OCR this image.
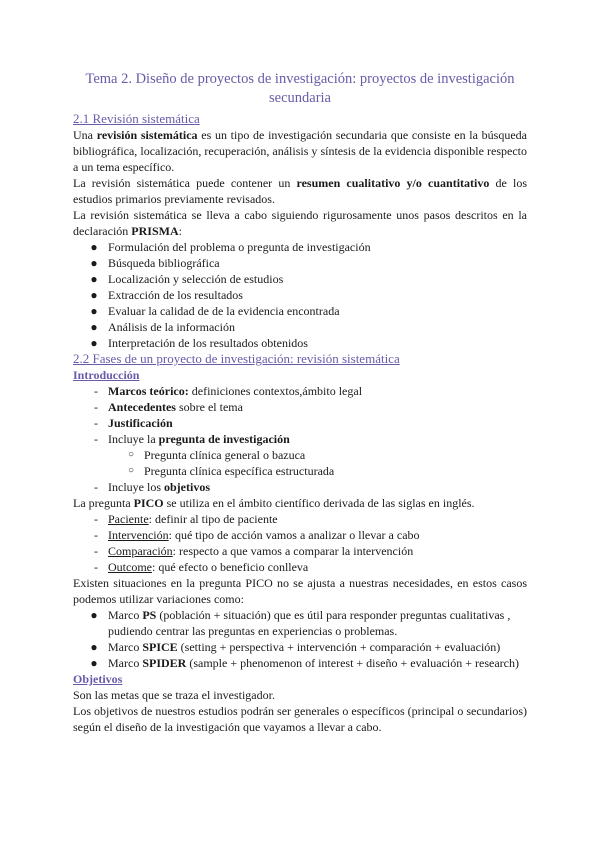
Tema 2. Diseño de proyectos de investigación: proyectos de investigación secundaria
2.1 Revisión sistemática

Una revisión sistemática es un tipo de investigación secundaria que consiste en la búsqueda bibliográfica, localización, recuperación, análisis y síntesis de la evidencia disponible respecto a un tema específico.

La revisión sistemática puede contener un resumen cualitativo y/o cuantitativo de los estudios primarios previamente revisados.

La revisión sistemática se lleva a cabo siguiendo rigurosamente unos pasos descritos en la declaración PRISMA:

● Formulación del problema o pregunta de investigación
● Búsqueda bibliográfica
● Localización y selección de estudios
● Extracción de los resultados
● Evaluar la calidad de de la evidencia encontrada
● Análisis de la información
● Interpretación de los resultados obtenidos
2.2 Fases de un proyecto de investigación: revisión sistemática
Introducción
- Marcos teórico: definiciones contextos,ámbito legal
- Antecedentes sobre el tema
- Justificación
- Incluye la pregunta de investigación
○ Pregunta clínica general o bazuca
○ Pregunta clínica específica estructurada
- Incluye los objetivos

La pregunta PICO se utiliza en el ámbito científico derivada de las siglas en inglés.

- Paciente: definir al tipo de paciente
- Intervención: qué tipo de acción vamos a analizar o llevar a cabo
- Comparación: respecto a que vamos a comparar la intervención
- Outcome: qué efecto o beneficio conlleva

Existen situaciones en la pregunta PICO no se ajusta a nuestras necesidades, en estos casos podemos utilizar variaciones como:

● Marco PS (población + situación) que es útil para responder preguntas cualitativas , pudiendo centrar las preguntas en experiencias o problemas.
● Marco SPICE (setting + perspectiva + intervención + comparación + evaluación)
● Marco SPIDER (sample + phenomenon of interest + diseño + evaluación + research)
Objetivos

Son las metas que se traza el investigador.

Los objetivos de nuestros estudios podrán ser generales o específicos (principal o secundarios) según el diseño de la investigación que vayamos a llevar a cabo.
